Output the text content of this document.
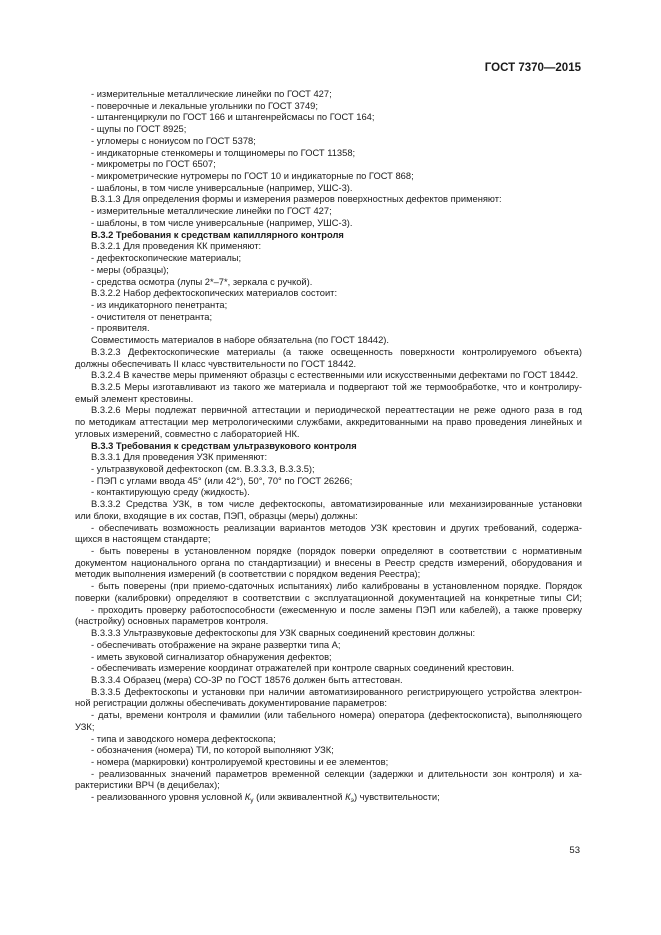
ГОСТ 7370—2015
- измерительные металлические линейки по ГОСТ 427;
- поверочные и лекальные угольники по ГОСТ 3749;
- штангенциркули по ГОСТ 166 и штангенрейсмасы по ГОСТ 164;
- щупы по ГОСТ 8925;
- угломеры с нониусом по ГОСТ 5378;
- индикаторные стенкомеры и толщиномеры по ГОСТ 11358;
- микрометры по ГОСТ 6507;
- микрометрические нутромеры по ГОСТ 10 и индикаторные по ГОСТ 868;
- шаблоны, в том числе универсальные (например, УШС-3).
В.3.1.3 Для определения формы и измерения размеров поверхностных дефектов применяют:
- измерительные металлические линейки по ГОСТ 427;
- шаблоны, в том числе универсальные (например, УШС-3).
В.3.2 Требования к средствам капиллярного контроля
В.3.2.1 Для проведения КК применяют:
- дефектоскопические материалы;
- меры (образцы);
- средства осмотра (лупы 2*–7*, зеркала с ручкой).
В.3.2.2 Набор дефектоскопических материалов состоит:
- из индикаторного пенетранта;
- очистителя от пенетранта;
- проявителя.
Совместимость материалов в наборе обязательна (по ГОСТ 18442).
В.3.2.3 Дефектоскопические материалы (а также освещенность поверхности контролируемого объекта)
должны обеспечивать II класс чувствительности по ГОСТ 18442.
В.3.2.4 В качестве меры применяют образцы с естественными или искусственными дефектами по ГОСТ 18442.
В.3.2.5 Меры изготавливают из такого же материала и подвергают той же термообработке, что и контролиру-
емый элемент крестовины.
В.3.2.6 Меры подлежат первичной аттестации и периодической переаттестации не реже одного раза в год
по методикам аттестации мер метрологическими службами, аккредитованными на право проведения линейных и
угловых измерений, совместно с лабораторией НК.
В.3.3 Требования к средствам ультразвукового контроля
В.3.3.1 Для проведения УЗК применяют:
- ультразвуковой дефектоскоп (см. В.3.3.3, В.3.3.5);
- ПЭП с углами ввода 45° (или 42°), 50°, 70° по ГОСТ 26266;
- контактирующую среду (жидкость).
В.3.3.2 Средства УЗК, в том числе дефектоскопы, автоматизированные или механизированные установки
или блоки, входящие в их состав, ПЭП, образцы (меры) должны:
- обеспечивать возможность реализации вариантов методов УЗК крестовин и других требований, содержа-
щихся в настоящем стандарте;
- быть поверены в установленном порядке (порядок поверки определяют в соответствии с нормативным
документом национального органа по стандартизации) и внесены в Реестр средств измерений, оборудования и
методик выполнения измерений (в соответствии с порядком ведения Реестра);
- быть поверены (при приемо-сдаточных испытаниях) либо калиброваны в установленном порядке. Порядок
поверки (калибровки) определяют в соответствии с эксплуатационной документацией на конкретные типы СИ;
- проходить проверку работоспособности (ежесменную и после замены ПЭП или кабелей), а также проверку
(настройку) основных параметров контроля.
В.3.3.3 Ультразвуковые дефектоскопы для УЗК сварных соединений крестовин должны:
- обеспечивать отображение на экране развертки типа А;
- иметь звуковой сигнализатор обнаружения дефектов;
- обеспечивать измерение координат отражателей при контроле сварных соединений крестовин.
В.3.3.4 Образец (мера) СО-3Р по ГОСТ 18576 должен быть аттестован.
В.3.3.5 Дефектоскопы и установки при наличии автоматизированного регистрирующего устройства электрон-
ной регистрации должны обеспечивать документирование параметров:
- даты, времени контроля и фамилии (или табельного номера) оператора (дефектоскописта), выполняющего
УЗК;
- типа и заводского номера дефектоскопа;
- обозначения (номера) ТИ, по которой выполняют УЗК;
- номера (маркировки) контролируемой крестовины и ее элементов;
- реализованных значений параметров временной селекции (задержки и длительности зон контроля) и ха-
рактеристики ВРЧ (в децибелах);
- реализованного уровня условной $К_у$ (или эквивалентной $К_э$) чувствительности;
53
